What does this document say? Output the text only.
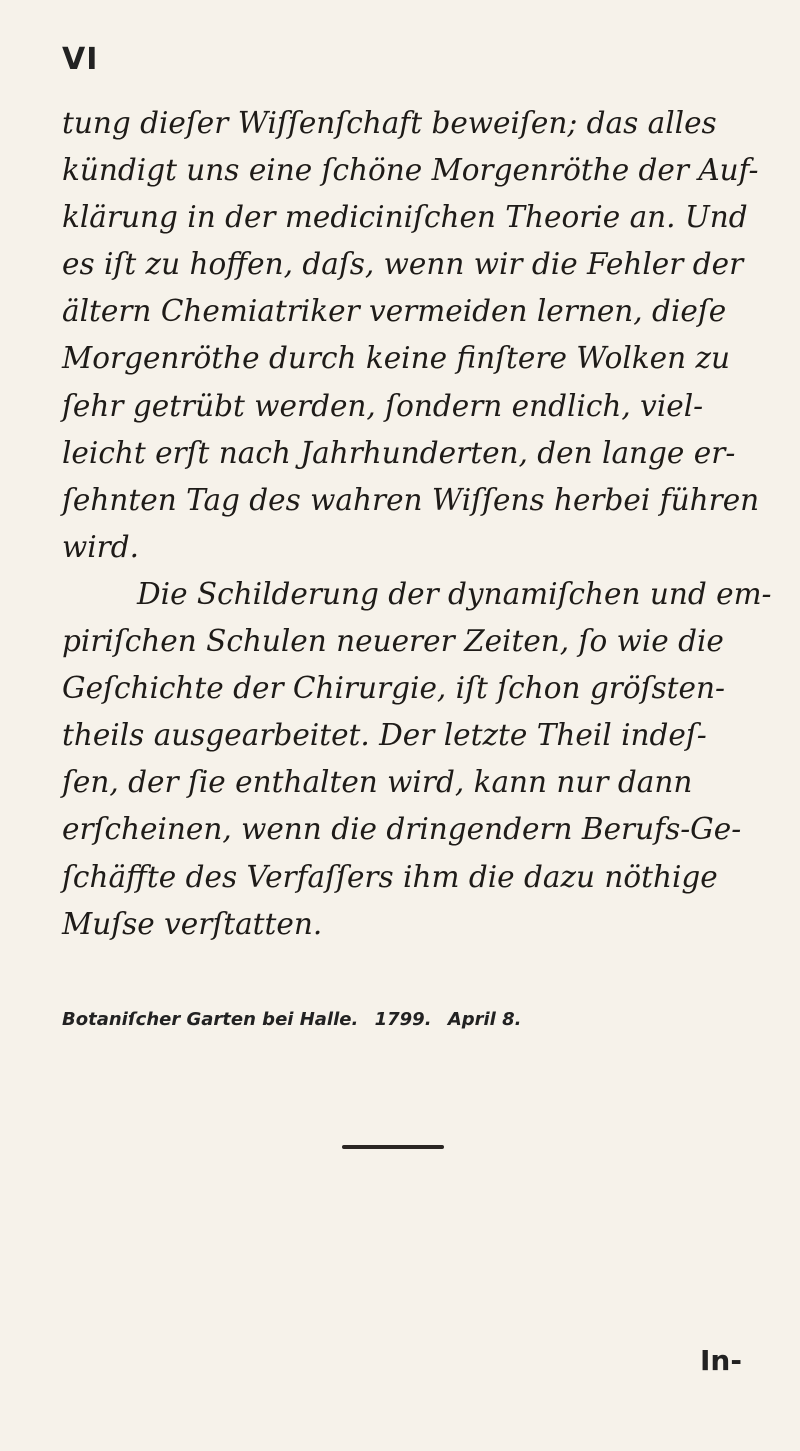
VI
tung dieſer Wiſſenſchaft beweiſen; das alles
kündigt uns eine ſchöne Morgenröthe der Auf-
klärung in der mediciniſchen Theorie an. Und
es iſt zu hoffen, daſs, wenn wir die Fehler der
ältern Chemiatriker vermeiden lernen, dieſe
Morgenröthe durch keine finſtere Wolken zu
ſehr getrübt werden, ſondern endlich, viel-
leicht erſt nach Jahrhunderten, den lange er-
ſehnten Tag des wahren Wiſſens herbei führen
wird.
Die Schilderung der dynamiſchen und em-
piriſchen Schulen neuerer Zeiten, ſo wie die
Geſchichte der Chirurgie, iſt ſchon gröſsten-
theils ausgearbeitet. Der letzte Theil indeſ-
ſen, der ſie enthalten wird, kann nur dann
erſcheinen, wenn die dringendern Berufs-Ge-
ſchäffte des Verfaſſers ihm die dazu nöthige
Muſse verſtatten.
Botaniſcher Garten bei Halle. 1799. April 8.
In-
